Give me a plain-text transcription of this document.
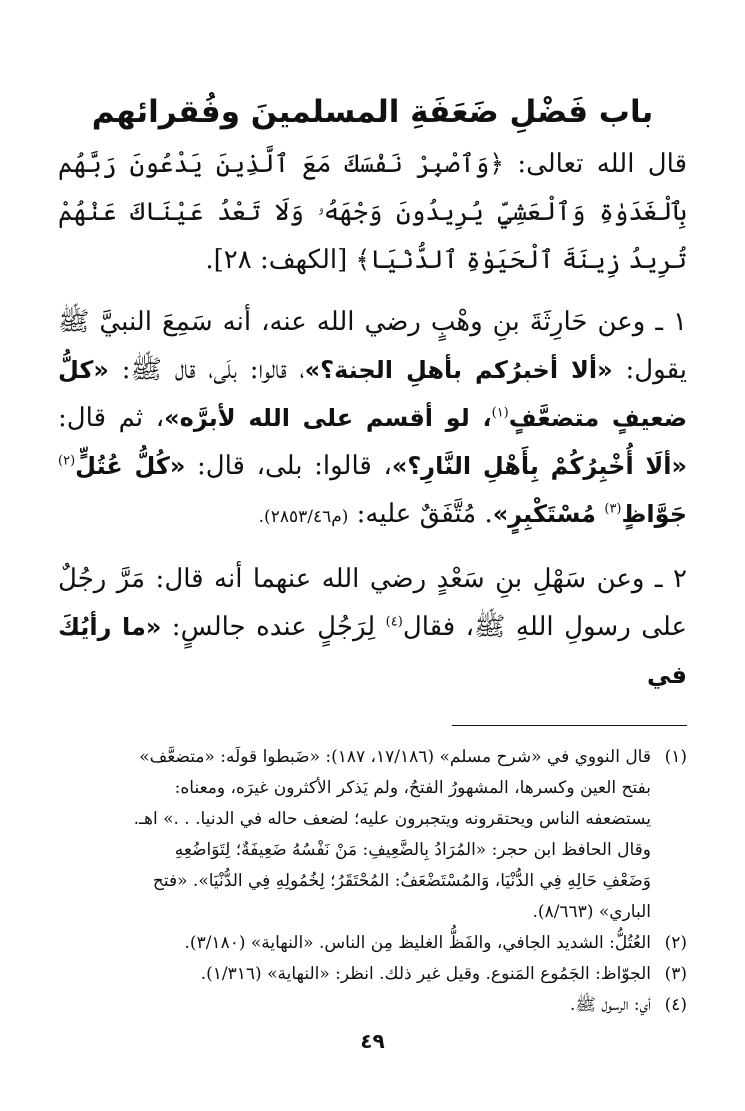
باب فَضْلِ ضَعَفَةِ المسلمينَ وفُقرائهم

قال الله تعالى: ﴿وَٱصْبِرْ نَفْسَكَ مَعَ ٱلَّذِينَ يَدْعُونَ رَبَّهُم بِٱلْغَدَوٰةِ وَٱلْعَشِيِّ يُرِيدُونَ وَجْهَهُۥ وَلَا تَعْدُ عَيْنَاكَ عَنْهُمْ تُرِيدُ زِينَةَ ٱلْحَيَوٰةِ ٱلدُّنْيَا﴾ [الكهف: ٢٨].

١ ـ وعن حَارِثَةَ بنِ وهْبٍ رضي الله عنه، أنه سَمِعَ النبيَّ ﷺ يقول: «ألا أخبرُكم بأهلِ الجنة؟»، قالوا: بلَى، قال ﷺ: «كلُّ ضعيفٍ متضعَّفٍ$^{(١)}$، لو أقسم على الله لأبرَّه»، ثم قال: «ألَا أُخْبِرُكُمْ بِأَهْلِ النَّارِ؟»، قالوا: بلى، قال: «كُلُّ عُتُلٍّ$^{(٢)}$ جَوَّاظٍ$^{(٣)}$ مُسْتَكْبِرٍ». مُتَّفَقٌ عليه: (م٢٨٥٣/٤٦).

٢ ـ وعن سَهْلِ بنِ سَعْدٍ رضي الله عنهما أنه قال: مَرَّ رجُلٌ على رسولِ اللهِ ﷺ، فقال$^{(٤)}$ لِرَجُلٍ عنده جالسٍ: «ما رأيُكَ في

(١)
قال النووي في «شرح مسلم» (١٧/١٨٦، ١٨٧): «ضَبطوا قولَه: «متضعَّف»
بفتح العين وكسرها، المشهورُ الفتحُ، ولم يَذكر الأكثرون غيرَه، ومعناه:
يستضعفه الناس ويحتقرونه ويتجبرون عليه؛ لضعف حاله في الدنيا. . .» اهـ.
وقال الحافظ ابن حجر: «المُرَادُ بِالضَّعِيفِ: مَنْ نَفْسُهُ ضَعِيفَةٌ؛ لِتَوَاضُعِهِ
وَضَعْفِ حَالِهِ فِي الدُّنْيَا، وَالمُسْتَضْعَفُ: المُحْتَقَرُ؛ لِخُمُولِهِ فِي الدُّنْيَا». «فتح
الباري» (٨/٦٦٣).
(٢)
العُتُلُّ: الشديد الجافي، والفَظُّ الغليظ مِن الناس. «النهاية» (٣/١٨٠).
(٣)
الجوّاظ: الجَمُوع المَنوع. وقيل غير ذلك. انظر: «النهاية» (١/٣١٦).
(٤)
أي: الرسول ﷺ.
٤٩
